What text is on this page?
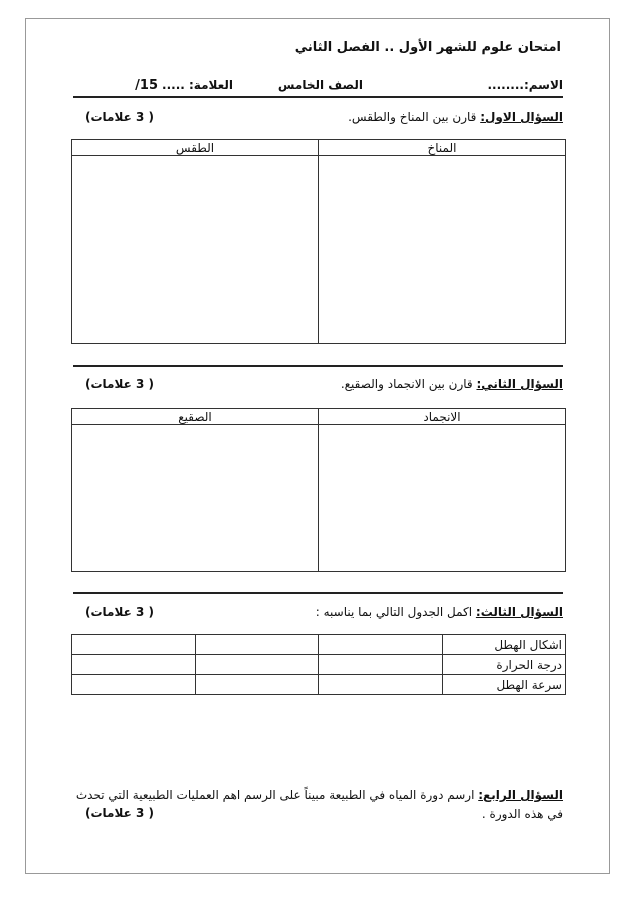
امتحان علوم للشهر الأول .. الفصل الثاني
الاسم:........
الصف الخامس
العلامة: .....
15/
السؤال الاول: قارن بين المناخ والطقس.
( 3 علامات)
المناخ	الطقس

السؤال الثاني: قارن بين الانجماد والصقيع.
( 3 علامات)
الانجماد	الصقيع

السؤال الثالث: اكمل الجدول التالي بما يناسبه :
( 3 علامات)
اشكال الهطل			
درجة الحرارة			
سرعة الهطل			
السؤال الرابع: ارسم دورة المياه في الطبيعة مبيناً على الرسم اهم العمليات الطبيعية التي تحدث في هذه الدورة .
( 3 علامات)
